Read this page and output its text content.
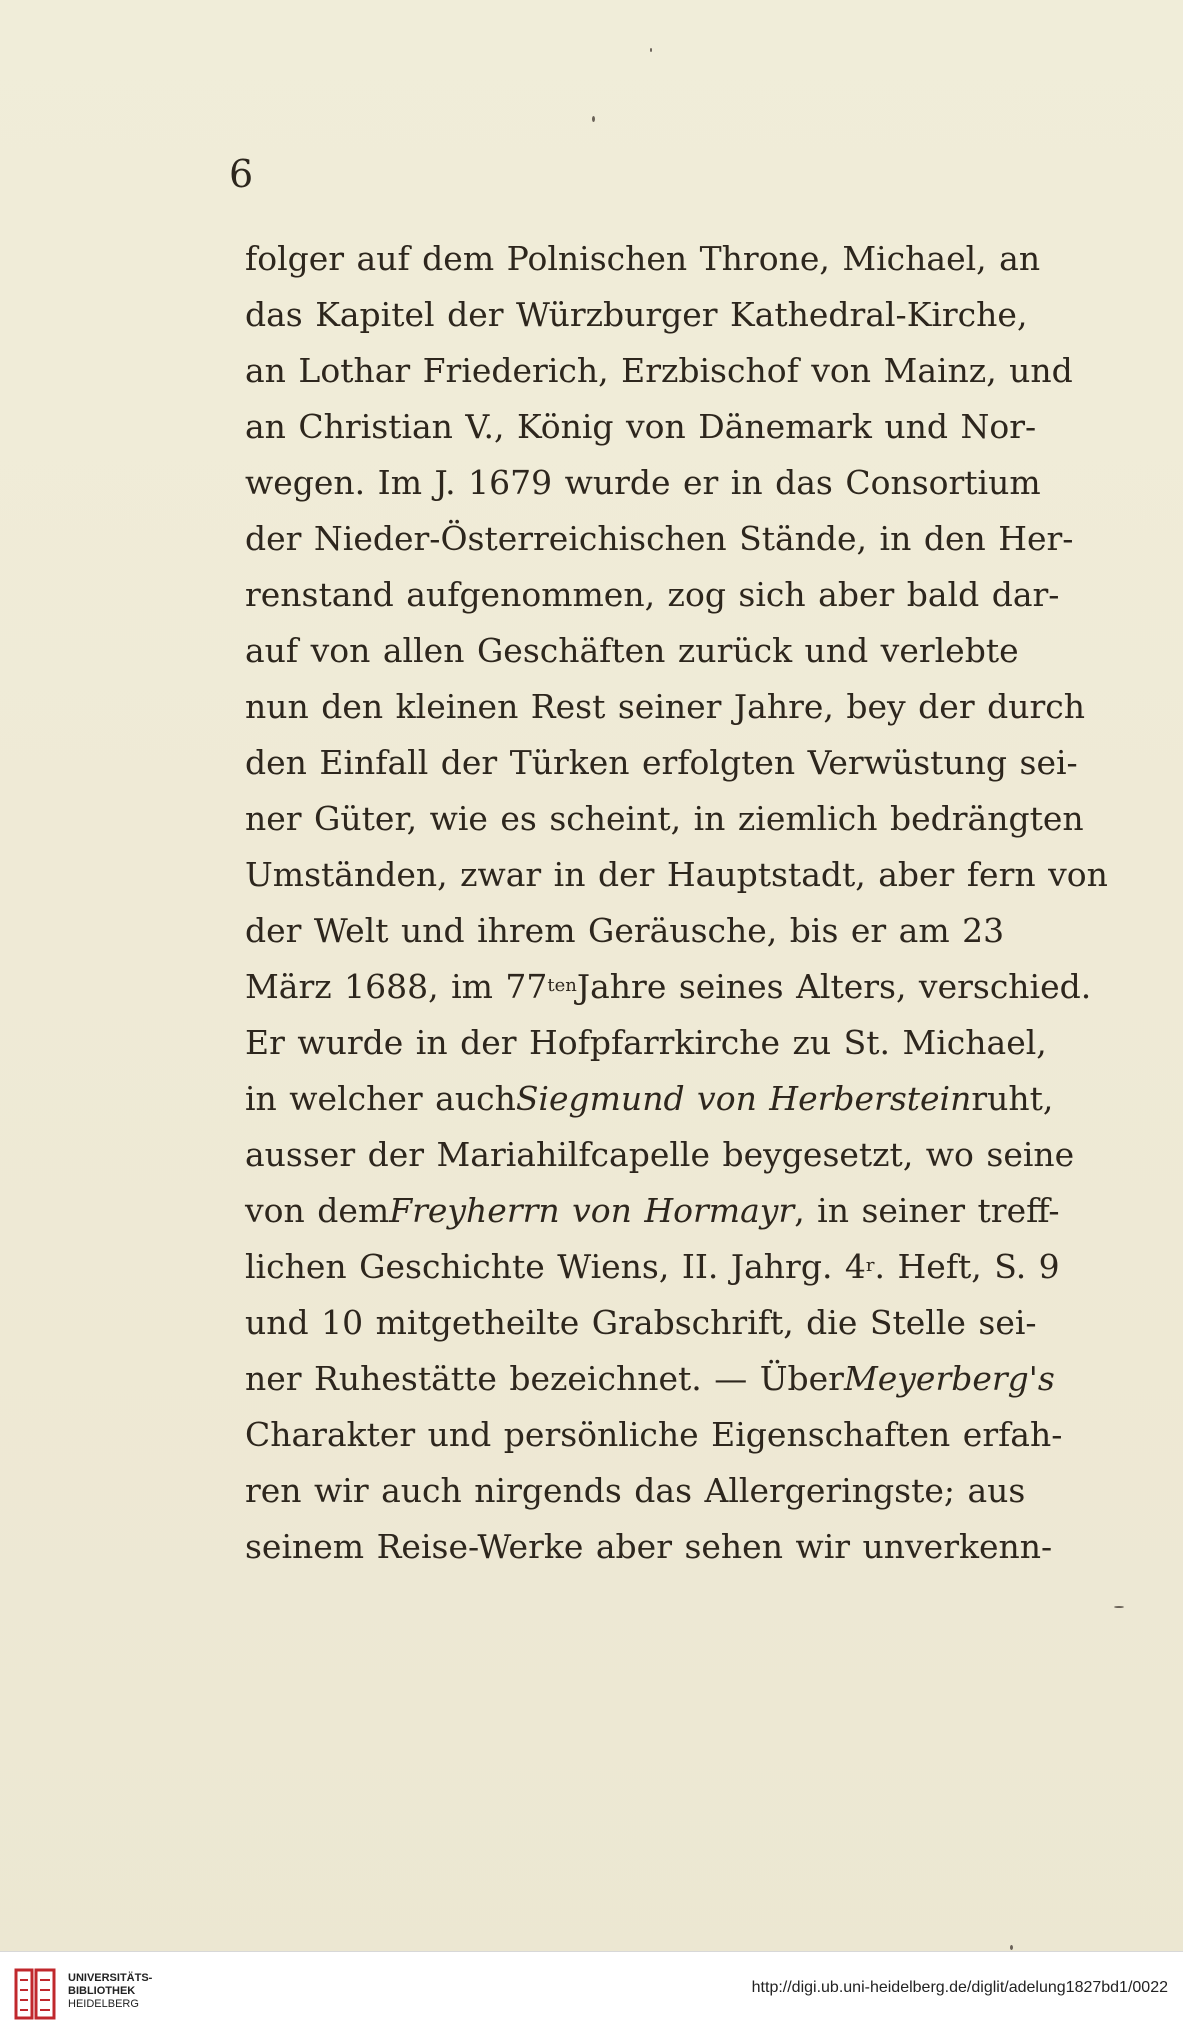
6
folger auf dem Polnischen Throne, Michael, an
das Kapitel der Würzburger Kathedral-Kirche,
an Lothar Friederich, Erzbischof von Mainz, und
an Christian V., König von Dänemark und Nor-
wegen. Im J. 1679 wurde er in das Consortium
der Nieder-Österreichischen Stände, in den Her-
renstand aufgenommen, zog sich aber bald dar-
auf von allen Geschäften zurück und verlebte
nun den kleinen Rest seiner Jahre, bey der durch
den Einfall der Türken erfolgten Verwüstung sei-
ner Güter, wie es scheint, in ziemlich bedrängten
Umständen, zwar in der Hauptstadt, aber fern von
der Welt und ihrem Geräusche, bis er am 23
März 1688, im 77 ten Jahre seines Alters, verschied.
Er wurde in der Hofpfarrkirche zu St. Michael,
in welcher auch Siegmund von Herberstein ruht,
ausser der Mariahilfcapelle beygesetzt, wo seine
von dem Freyherrn von Hormayr , in seiner treff-
lichen Geschichte Wiens, II. Jahrg. 4 r . Heft, S. 9
und 10 mitgetheilte Grabschrift, die Stelle sei-
ner Ruhestätte bezeichnet. — Über Meyerberg's
Charakter und persönliche Eigenschaften erfah-
ren wir auch nirgends das Allergeringste; aus
seinem Reise-Werke aber sehen wir unverkenn-
UNIVERSITÄTS-
BIBLIOTHEK
HEIDELBERG
http://digi.ub.uni-heidelberg.de/diglit/adelung1827bd1/0022
